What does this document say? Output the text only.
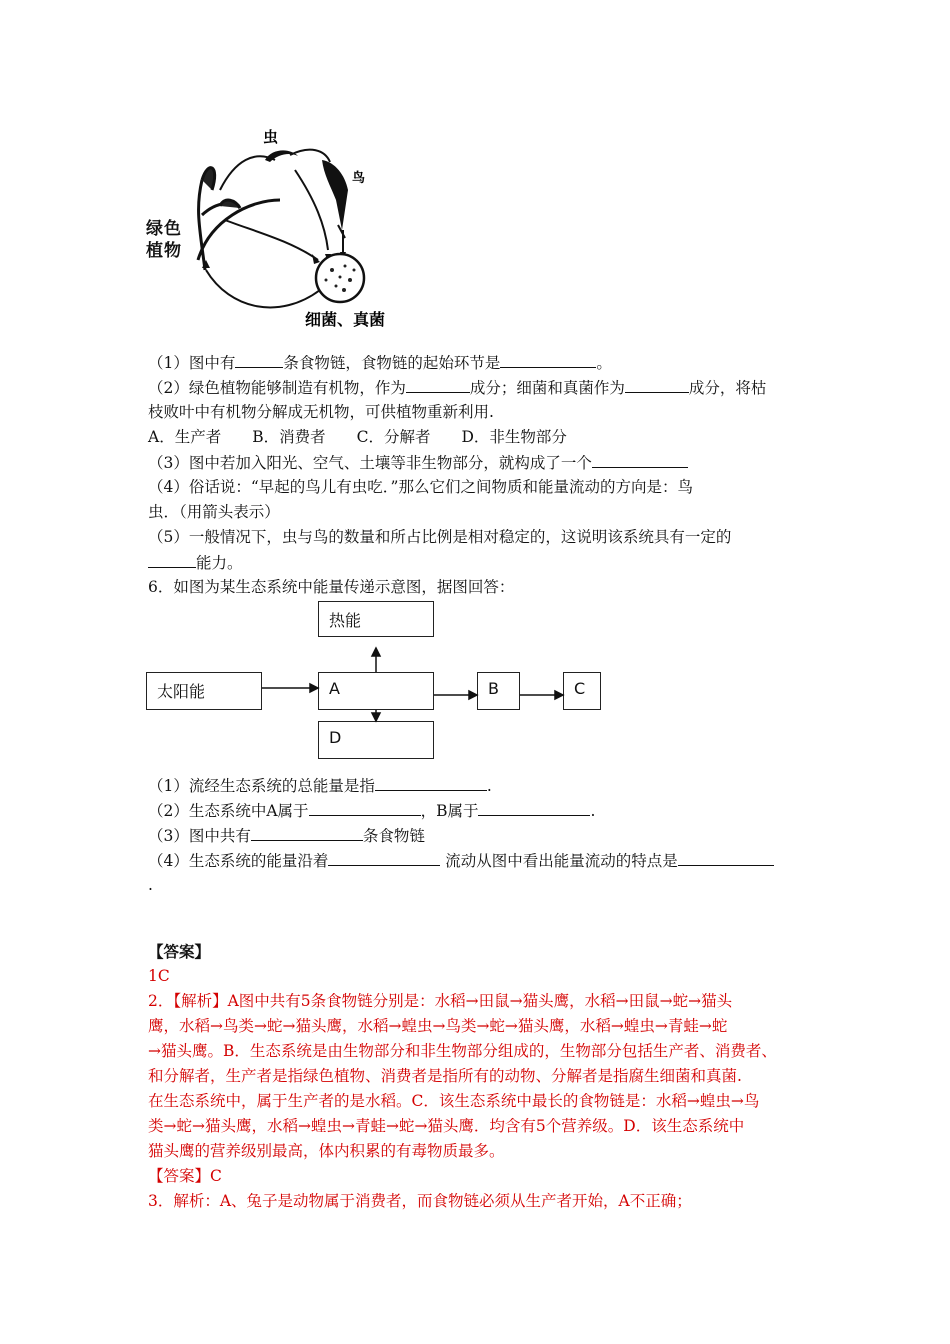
虫
鸟
细菌、真菌
绿色植物
（1）图中有	条食物链，食物链的起始环节是	。
（2）绿色植物能够制造有机物，作为	成分；细菌和真菌作为	成分，将枯
枝败叶中有机物分解成无机物，可供植物重新利用.
A．生产者　　B．消费者　　C．分解者　　D．非生物部分
（3）图中若加入阳光、空气、土壤等非生物部分，就构成了一个
（4）俗话说：“早起的鸟儿有虫吃．”那么它们之间物质和能量流动的方向是：鸟
虫．（用箭头表示）
（5）一般情况下，虫与鸟的数量和所占比例是相对稳定的，这说明该系统具有一定的
能力。
6．如图为某生态系统中能量传递示意图，据图回答：
热能
太阳能	A	B	C
D
（1）流经生态系统的总能量是指	.
（2）生态系统中A属于	，B属于	.
（3）图中共有	条食物链
（4）生态系统的能量沿着	流动从图中看出能量流动的特点是
.
【答案】
1C
2．【解析】A图中共有5条食物链分别是：水稻→田鼠→猫头鹰，水稻→田鼠→蛇→猫头
鹰，水稻→鸟类→蛇→猫头鹰，水稻→蝗虫→鸟类→蛇→猫头鹰，水稻→蝗虫→青蛙→蛇
→猫头鹰。B．生态系统是由生物部分和非生物部分组成的，生物部分包括生产者、消费者、
和分解者，生产者是指绿色植物、消费者是指所有的动物、分解者是指腐生细菌和真菌.
在生态系统中，属于生产者的是水稻。C．该生态系统中最长的食物链是：水稻→蝗虫→鸟
类→蛇→猫头鹰，水稻→蝗虫→青蛙→蛇→猫头鹰．均含有5个营养级。D．该生态系统中
猫头鹰的营养级别最高，体内积累的有毒物质最多。
【答案】C
3．解析：A、兔子是动物属于消费者，而食物链必须从生产者开始，A不正确；
